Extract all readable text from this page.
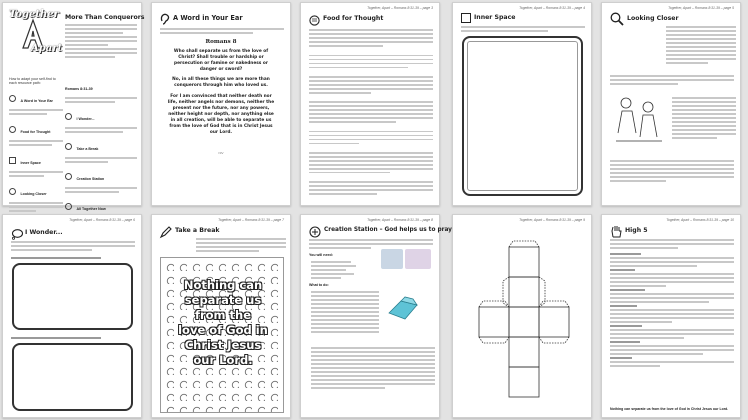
Together
Apart
More Than Conquerors
How to adapt your self-find to each resource path:
A Word in Your Ear
Food for Thought
Inner Space
Looking Closer
Romans 8:31-39
I Wonder...
Take a Break
Creation Station
All Together Now
A Word in Your Ear
Romans 8
Who shall separate us from the love of
Christ? Shall trouble or hardship or
persecution or famine or nakedness or
danger or sword?
No, in all these things we are more than
conquerors through him who loved us.
For I am convinced that neither death nor
life, neither angels nor demons, neither the
present nor the future, nor any powers,
neither height nor depth, nor anything else
in all creation, will be able to separate us
from the love of God that is in Christ Jesus
our Lord.
NIV
Together, Apart – Romans 8:31-39 – page 3
Food for Thought
Together, Apart – Romans 8:31-39 – page 4
Inner Space
Together, Apart – Romans 8:31-39 – page 5
Looking Closer
Together, Apart – Romans 8:31-39 – page 6
I Wonder...
Together, Apart – Romans 8:31-39 – page 7
Take a Break
Nothing can
separate us
from the
love of God in
Christ Jesus
our Lord.
Together, Apart – Romans 8:31-39 – page 8
Creation Station – God helps us to pray
You will need:
What to do:
Together, Apart – Romans 8:31-39 – page 9	Together, Apart – Romans 8:31-39 – page 10
High 5
Nothing can separate us from the love of God in Christ Jesus our Lord.
